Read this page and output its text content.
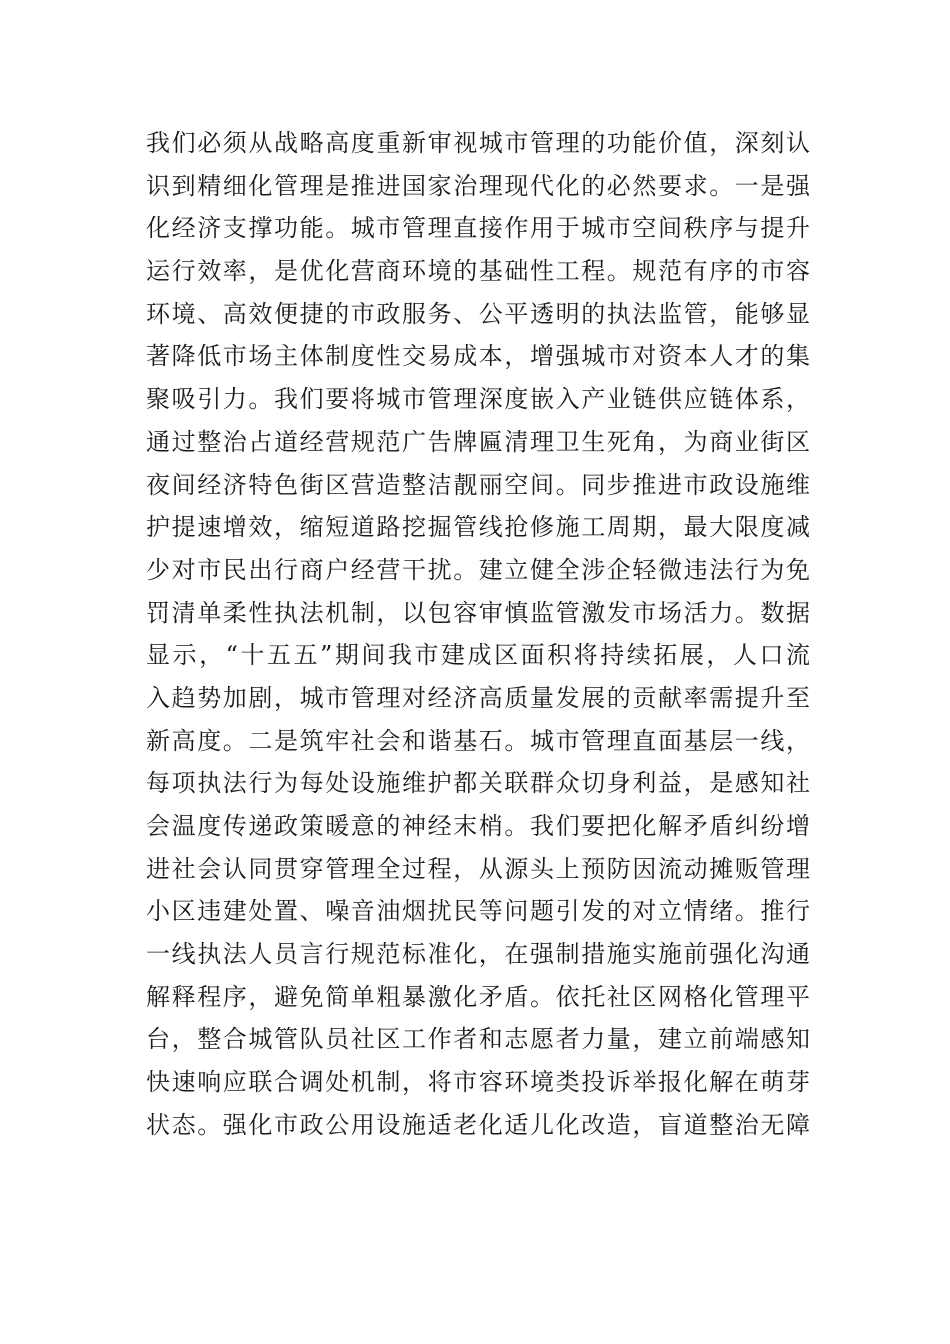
我们必须从战略高度重新审视城市管理的功能价值，深刻认
识到精细化管理是推进国家治理现代化的必然要求。一是强
化经济支撑功能。城市管理直接作用于城市空间秩序与提升
运行效率，是优化营商环境的基础性工程。规范有序的市容
环境、高效便捷的市政服务、公平透明的执法监管，能够显
著降低市场主体制度性交易成本，增强城市对资本人才的集
聚吸引力。我们要将城市管理深度嵌入产业链供应链体系，
通过整治占道经营规范广告牌匾清理卫生死角，为商业街区
夜间经济特色街区营造整洁靓丽空间。同步推进市政设施维
护提速增效，缩短道路挖掘管线抢修施工周期，最大限度减
少对市民出行商户经营干扰。建立健全涉企轻微违法行为免
罚清单柔性执法机制，以包容审慎监管激发市场活力。数据
显示，“十五五”期间我市建成区面积将持续拓展，人口流
入趋势加剧，城市管理对经济高质量发展的贡献率需提升至
新高度。二是筑牢社会和谐基石。城市管理直面基层一线，
每项执法行为每处设施维护都关联群众切身利益，是感知社
会温度传递政策暖意的神经末梢。我们要把化解矛盾纠纷增
进社会认同贯穿管理全过程，从源头上预防因流动摊贩管理
小区违建处置、噪音油烟扰民等问题引发的对立情绪。推行
一线执法人员言行规范标准化，在强制措施实施前强化沟通
解释程序，避免简单粗暴激化矛盾。依托社区网格化管理平
台，整合城管队员社区工作者和志愿者力量，建立前端感知
快速响应联合调处机制，将市容环境类投诉举报化解在萌芽
状态。强化市政公用设施适老化适儿化改造，盲道整治无障
